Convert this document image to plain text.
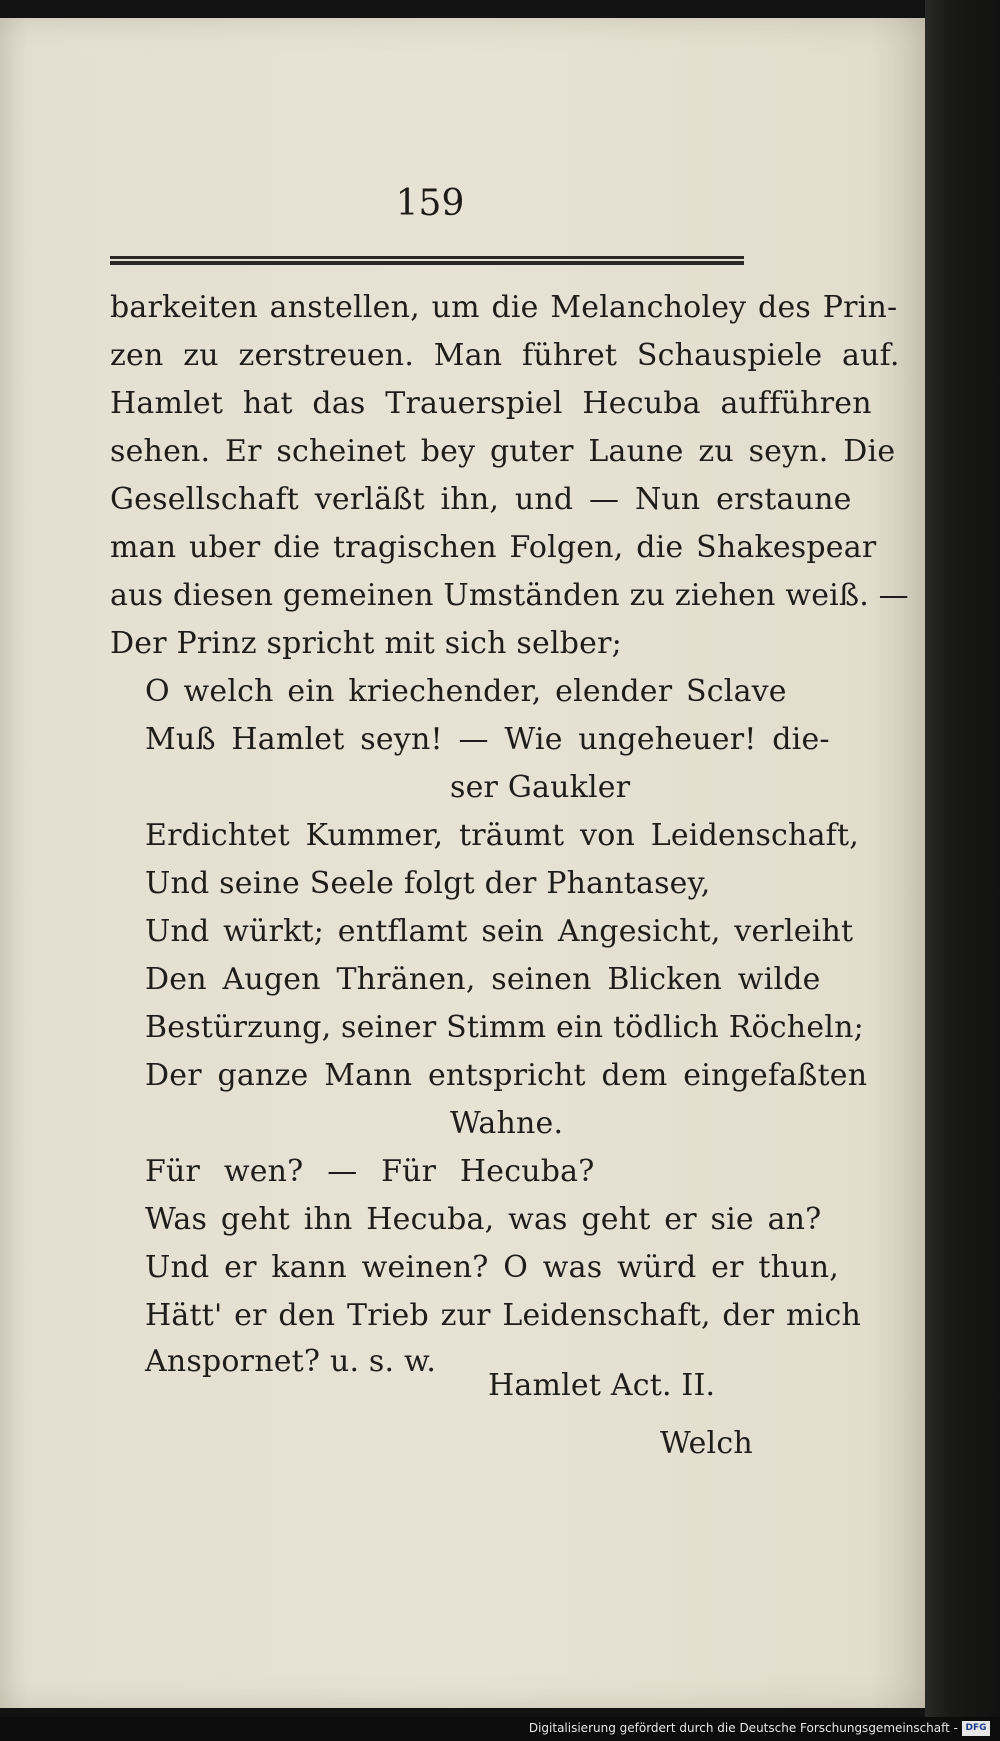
159
barkeiten anstellen, um die Melancholey des Prin-
zen zu zerstreuen. Man führet Schauspiele auf.
Hamlet hat das Trauerspiel Hecuba aufführen
sehen. Er scheinet bey guter Laune zu seyn. Die
Gesellschaft verläßt ihn, und — Nun erstaune
man uber die tragischen Folgen, die Shakespear
aus diesen gemeinen Umständen zu ziehen weiß. —
Der Prinz spricht mit sich selber;
O welch ein kriechender, elender Sclave
Muß Hamlet seyn! — Wie ungeheuer! die-
ser Gaukler
Erdichtet Kummer, träumt von Leidenschaft,
Und seine Seele folgt der Phantasey,
Und würkt; entflamt sein Angesicht, verleiht
Den Augen Thränen, seinen Blicken wilde
Bestürzung, seiner Stimm ein tödlich Röcheln;
Der ganze Mann entspricht dem eingefaßten
Wahne.
Für wen? — Für Hecuba?
Was geht ihn Hecuba, was geht er sie an?
Und er kann weinen? O was würd er thun,
Hätt' er den Trieb zur Leidenschaft, der mich
Anspornet? u. s. w.
Hamlet Act. II.
Welch
Digitalisierung gefördert durch die Deutsche Forschungsgemeinschaft - DFG
